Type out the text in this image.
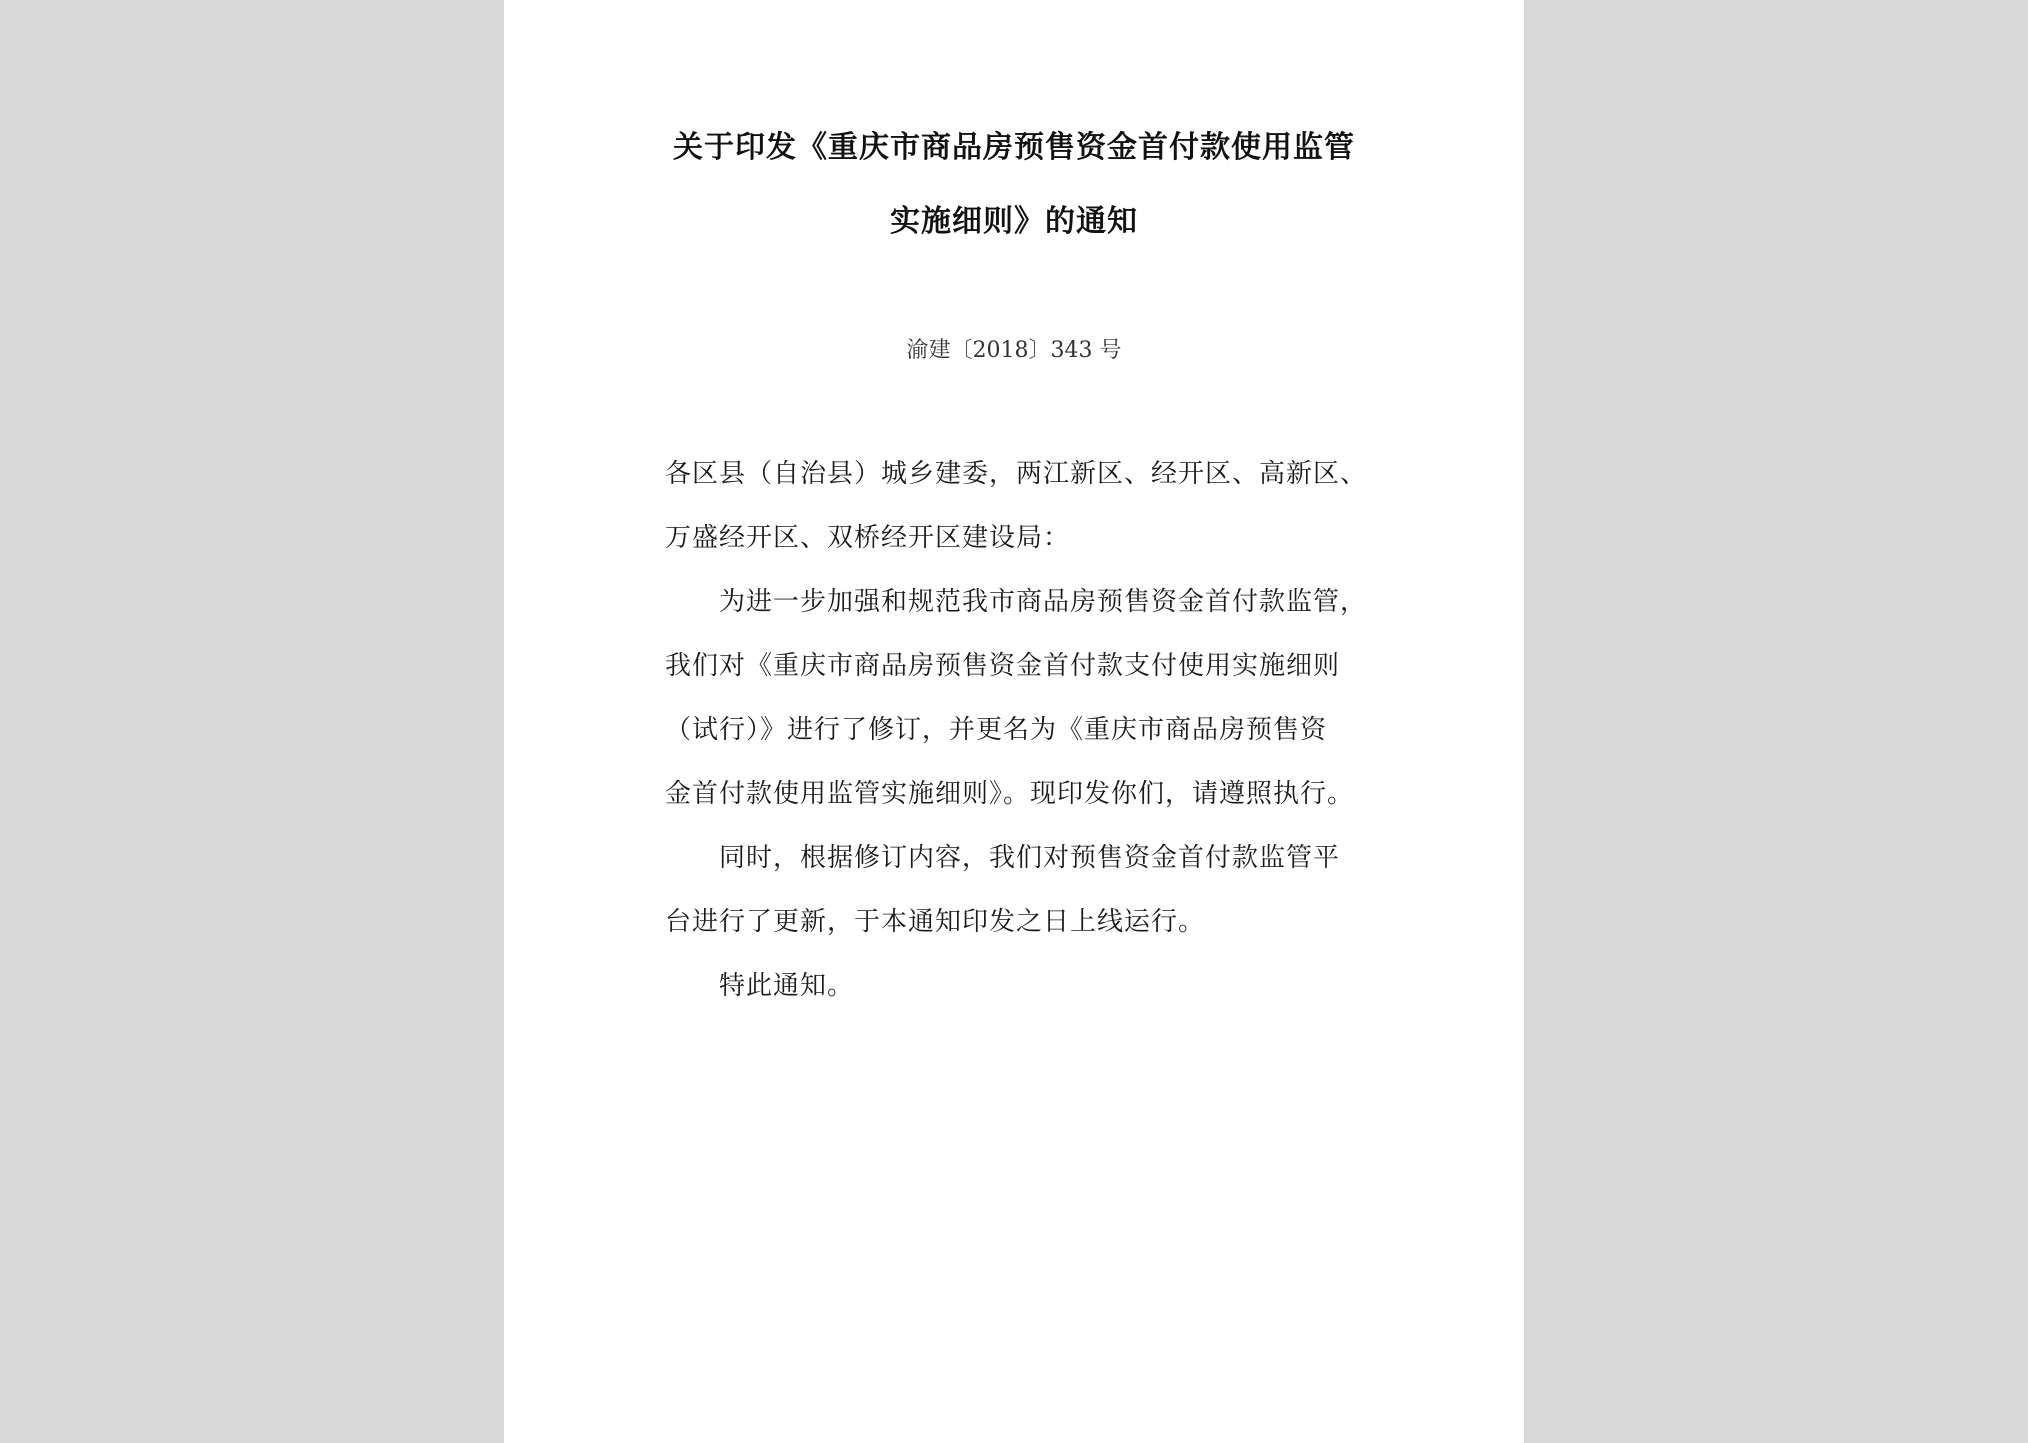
关于印发《重庆市商品房预售资金首付款使用监管
实施细则》的通知
渝建〔2018〕343 号
各区县（自治县）城乡建委，两江新区、经开区、高新区、
万盛经开区、双桥经开区建设局：
为进一步加强和规范我市商品房预售资金首付款监管，
我们对《重庆市商品房预售资金首付款支付使用实施细则
（试行）》进行了修订，并更名为《重庆市商品房预售资
金首付款使用监管实施细则》。现印发你们，请遵照执行。
同时，根据修订内容，我们对预售资金首付款监管平
台进行了更新，于本通知印发之日上线运行。
特此通知。
